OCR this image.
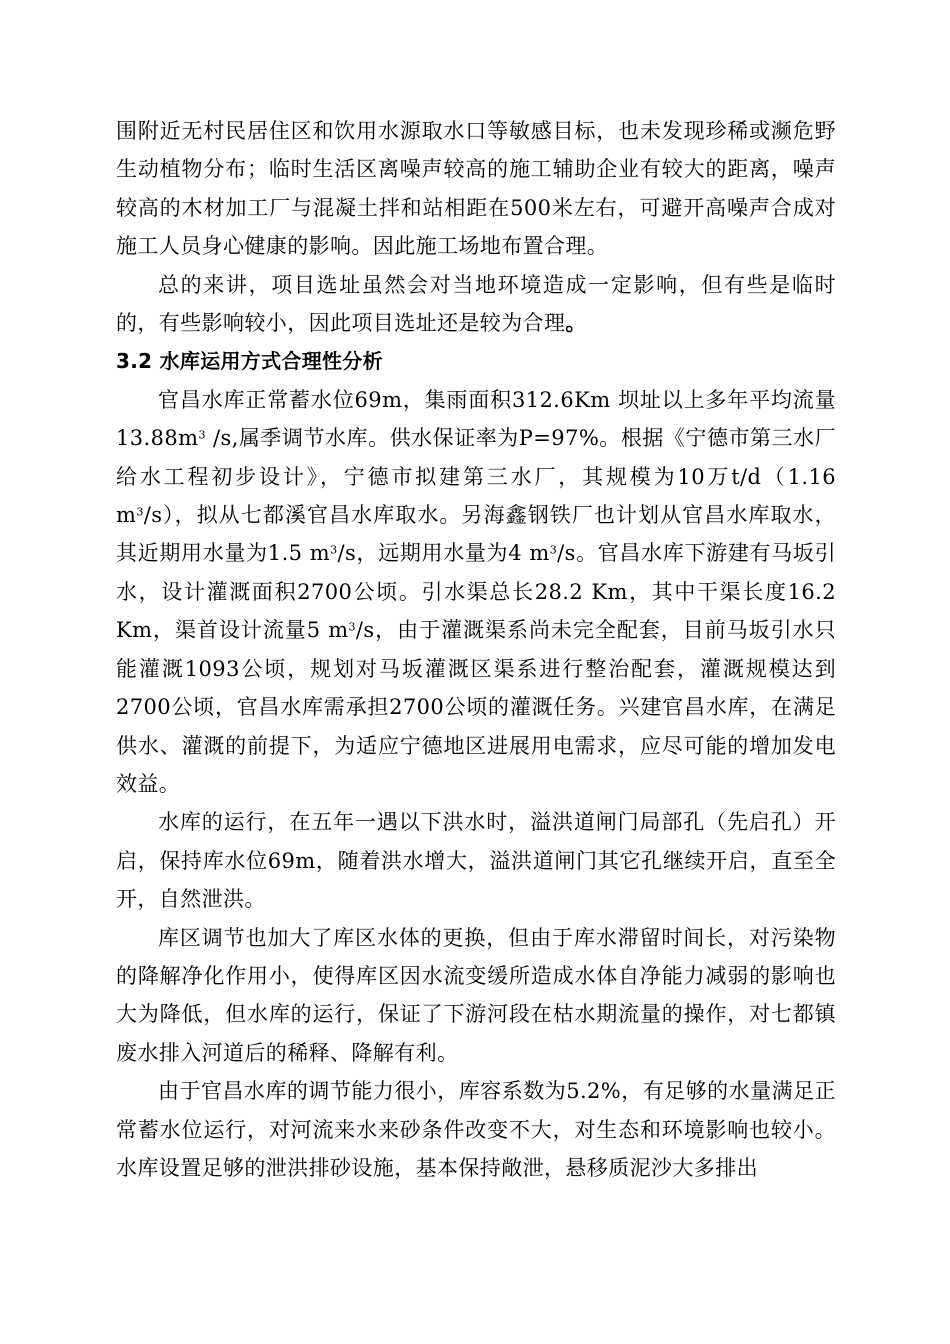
围附近无村民居住区和饮用水源取水口等敏感目标，也未发现珍稀或濒危野生动植物分布；临时生活区离噪声较高的施工辅助企业有较大的距离，噪声较高的木材加工厂与混凝土拌和站相距在500米左右，可避开高噪声合成对施工人员身心健康的影响。因此施工场地布置合理。

总的来讲，项目选址虽然会对当地环境造成一定影响，但有些是临时的，有些影响较小，因此项目选址还是较为合理。

3.2 水库运用方式合理性分析

官昌水库正常蓄水位69m，集雨面积312.6Km 坝址以上多年平均流量$13.88m^3$ /s,属季调节水库。供水保证率为P=97%。根据《宁德市第三水厂给水工程初步设计》，宁德市拟建第三水厂，其规模为10万t/d（1.16 $m^3/s$），拟从七都溪官昌水库取水。另海鑫钢铁厂也计划从官昌水库取水，其近期用水量为1.5 $m^3/s$，远期用水量为4 $m^3/s$。官昌水库下游建有马坂引水，设计灌溉面积2700公顷。引水渠总长28.2 Km，其中干渠长度16.2 Km，渠首设计流量5 $m^3/s$，由于灌溉渠系尚未完全配套，目前马坂引水只能灌溉1093公顷，规划对马坂灌溉区渠系进行整治配套，灌溉规模达到2700公顷，官昌水库需承担2700公顷的灌溉任务。兴建官昌水库，在满足供水、灌溉的前提下，为适应宁德地区进展用电需求，应尽可能的增加发电效益。

水库的运行，在五年一遇以下洪水时，溢洪道闸门局部孔（先启孔）开启，保持库水位69m，随着洪水增大，溢洪道闸门其它孔继续开启，直至全开，自然泄洪。

库区调节也加大了库区水体的更换，但由于库水滞留时间长，对污染物的降解净化作用小，使得库区因水流变缓所造成水体自净能力减弱的影响也大为降低，但水库的运行，保证了下游河段在枯水期流量的操作，对七都镇废水排入河道后的稀释、降解有利。

由于官昌水库的调节能力很小，库容系数为5.2%，有足够的水量满足正常蓄水位运行，对河流来水来砂条件改变不大，对生态和环境影响也较小。水库设置足够的泄洪排砂设施，基本保持敞泄，悬移质泥沙大多排出
